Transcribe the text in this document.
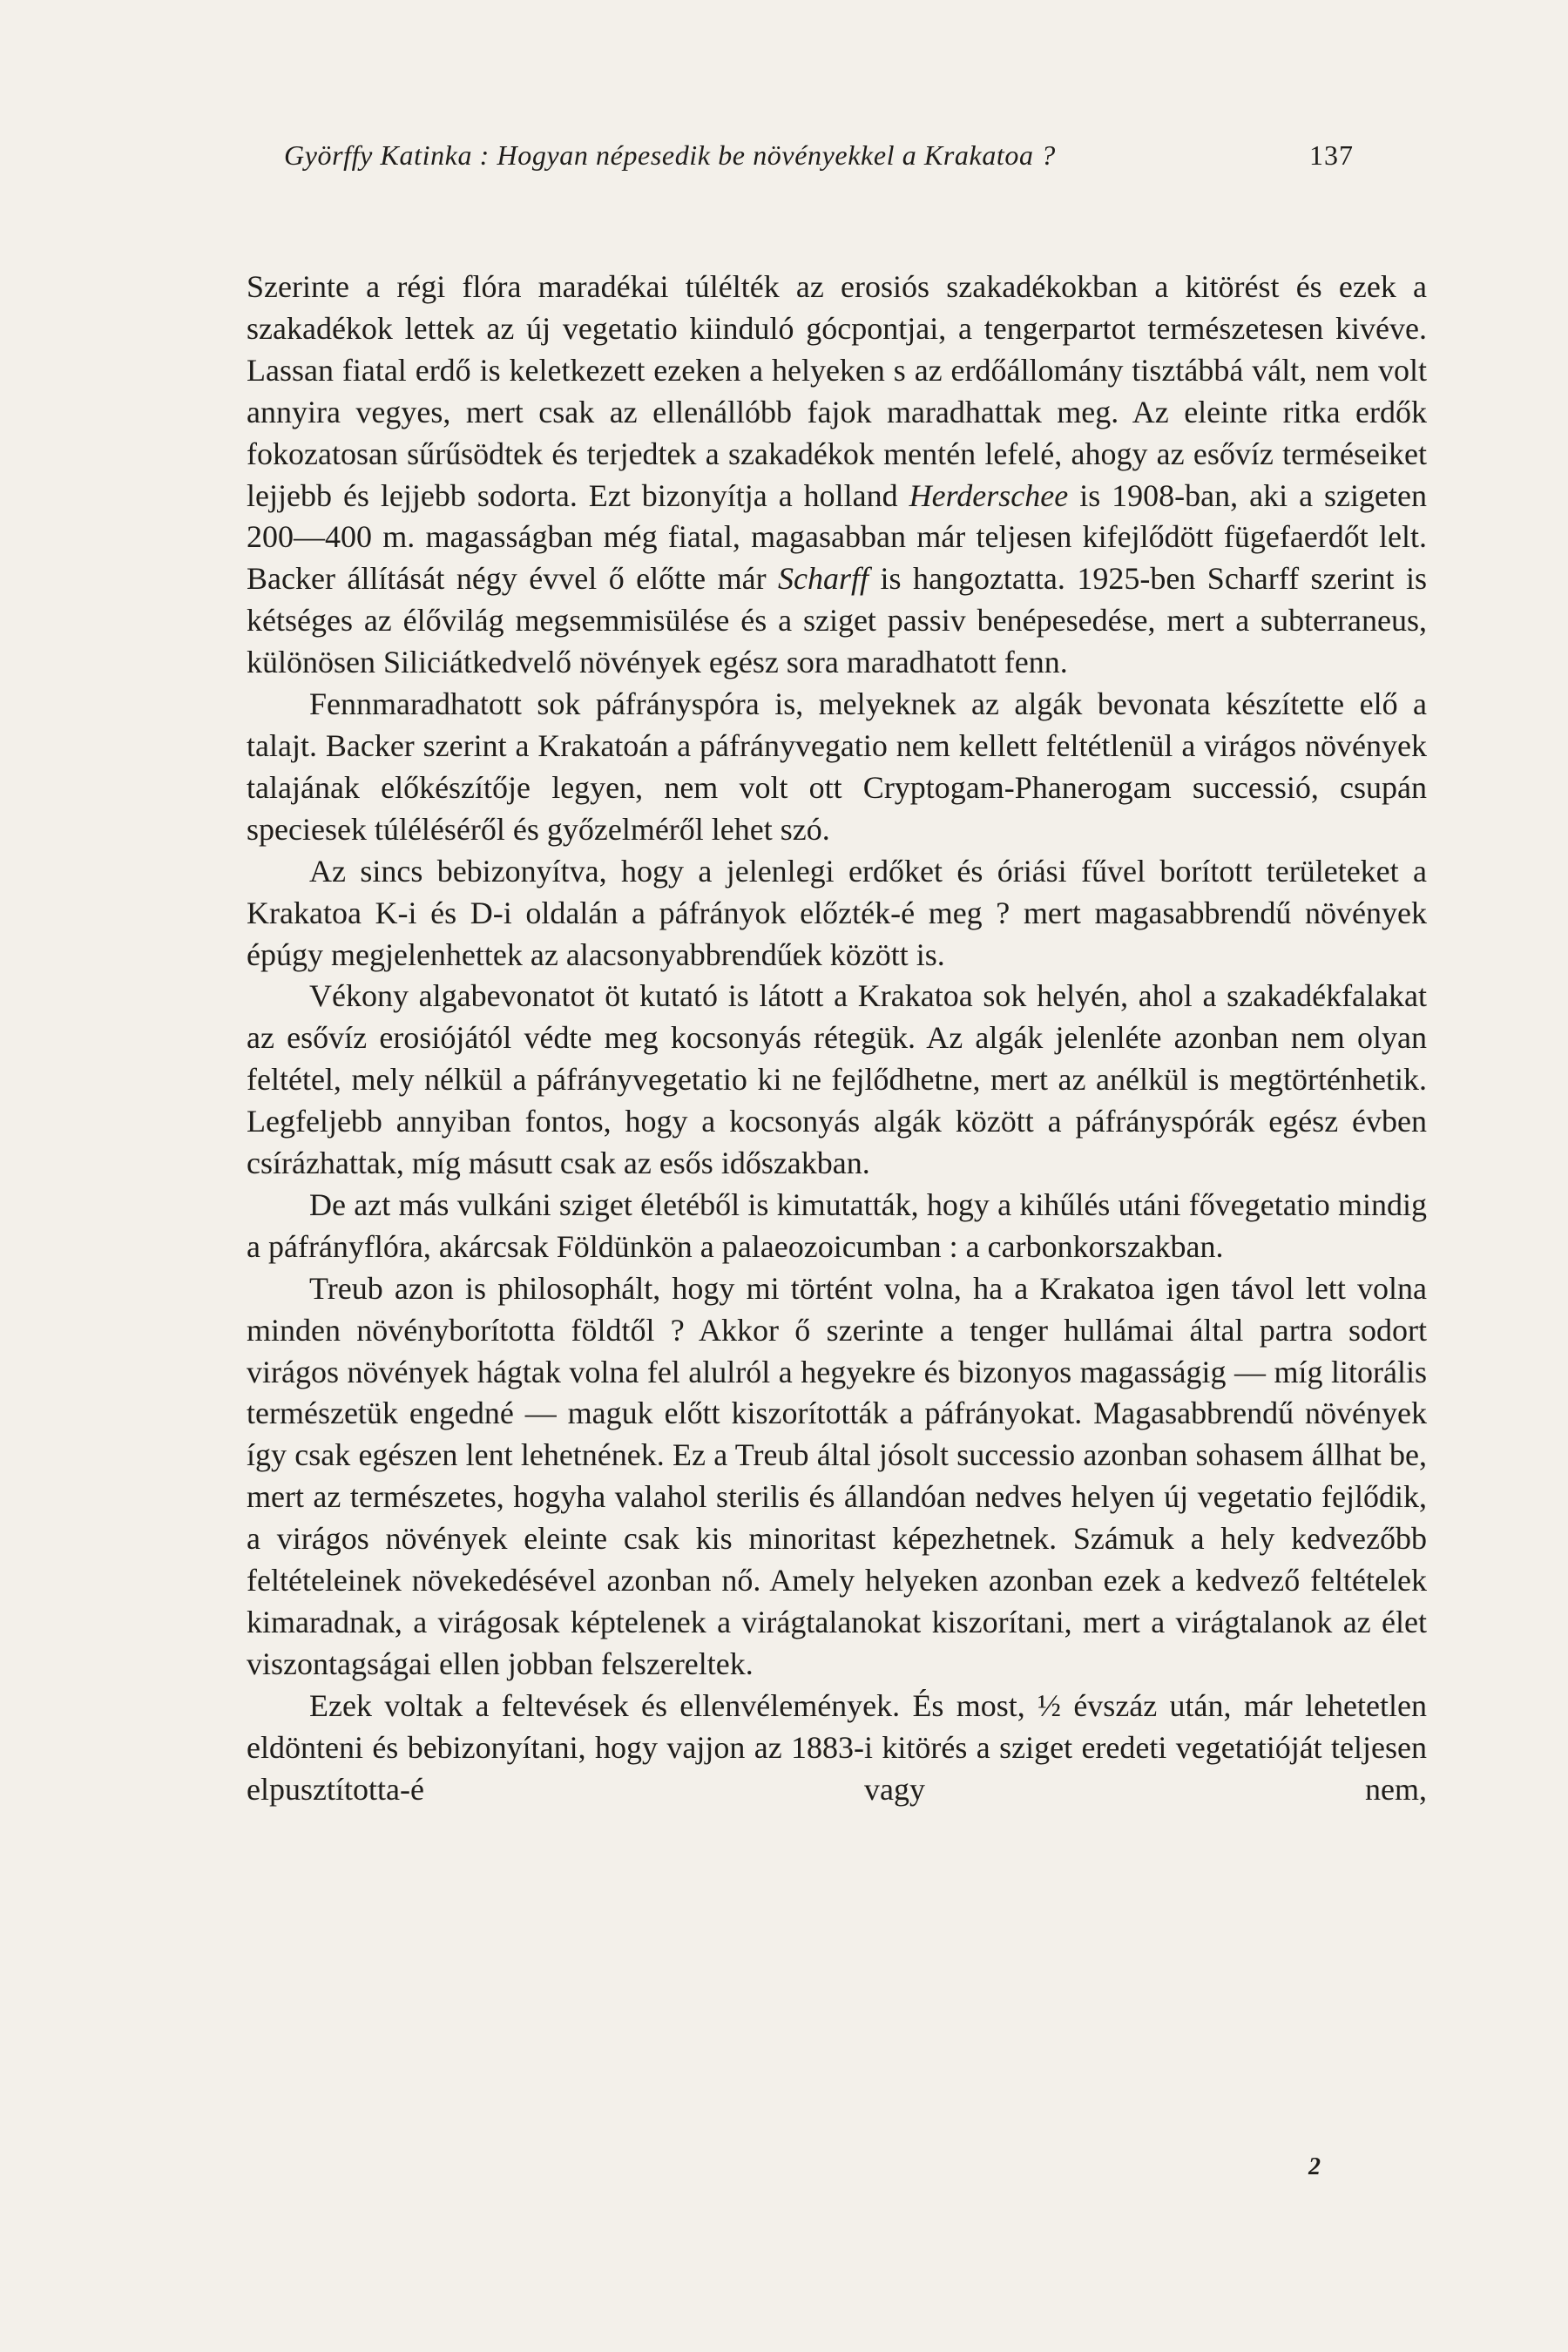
Györffy Katinka : Hogyan népesedik be növényekkel a Krakatoa ?	137

Szerinte a régi flóra maradékai túlélték az erosiós szakadékokban a kitörést és ezek a szakadékok lettek az új vegetatio kiinduló gócpontjai, a tengerpartot természetesen kivéve. Lassan fiatal erdő is keletkezett ezeken a helyeken s az erdőállomány tisztábbá vált, nem volt annyira vegyes, mert csak az ellenállóbb fajok maradhattak meg. Az eleinte ritka erdők fokozatosan sűrűsödtek és terjedtek a szakadékok mentén lefelé, ahogy az esővíz terméseiket lejjebb és lejjebb sodorta. Ezt bizonyítja a holland Herderschee is 1908-ban, aki a szigeten 200—400 m. magasságban még fiatal, magasabban már teljesen kifejlődött fügefaerdőt lelt. Backer állítását négy évvel ő előtte már Scharff is hangoztatta. 1925-ben Scharff szerint is kétséges az élővilág megsemmisülése és a sziget passiv benépesedése, mert a subterraneus, különösen Siliciátkedvelő növények egész sora maradhatott fenn.

Fennmaradhatott sok páfrányspóra is, melyeknek az algák bevonata készítette elő a talajt. Backer szerint a Krakatoán a páfrányvegatio nem kellett feltétlenül a virágos növények talajának előkészítője legyen, nem volt ott Cryptogam-Phanerogam successió, csupán speciesek túléléséről és győzelméről lehet szó.

Az sincs bebizonyítva, hogy a jelenlegi erdőket és óriási fűvel borított területeket a Krakatoa K-i és D-i oldalán a páfrányok előzték-é meg ? mert magasabbrendű növények épúgy megjelenhettek az alacsonyabbrendűek között is.

Vékony algabevonatot öt kutató is látott a Krakatoa sok helyén, ahol a szakadékfalakat az esővíz erosiójától védte meg kocsonyás rétegük. Az algák jelenléte azonban nem olyan feltétel, mely nélkül a páfrányvegetatio ki ne fejlődhetne, mert az anélkül is megtörténhetik. Legfeljebb annyiban fontos, hogy a kocsonyás algák között a páfrányspórák egész évben csírázhattak, míg másutt csak az esős időszakban.

De azt más vulkáni sziget életéből is kimutatták, hogy a kihűlés utáni fővegetatio mindig a páfrányflóra, akárcsak Földünkön a palaeozoicumban : a carbonkorszakban.

Treub azon is philosophált, hogy mi történt volna, ha a Krakatoa igen távol lett volna minden növényborította földtől ? Akkor ő szerinte a tenger hullámai által partra sodort virágos növények hágtak volna fel alulról a hegyekre és bizonyos magasságig — míg litorális természetük engedné — maguk előtt kiszorították a páfrányokat. Magasabbrendű növények így csak egészen lent lehetnének. Ez a Treub által jósolt successio azonban sohasem állhat be, mert az természetes, hogyha valahol sterilis és állandóan nedves helyen új vegetatio fejlődik, a virágos növények eleinte csak kis minoritast képezhetnek. Számuk a hely kedvezőbb feltételeinek növekedésével azonban nő. Amely helyeken azonban ezek a kedvező feltételek kimaradnak, a virágosak képtelenek a virágtalanokat kiszorítani, mert a virágtalanok az élet viszontagságai ellen jobban felszereltek.

Ezek voltak a feltevések és ellenvélemények. És most, ½ évszáz után, már lehetetlen eldönteni és bebizonyítani, hogy vajjon az 1883-i kitörés a sziget eredeti vegetatióját teljesen elpusztította-é vagy nem,

2
